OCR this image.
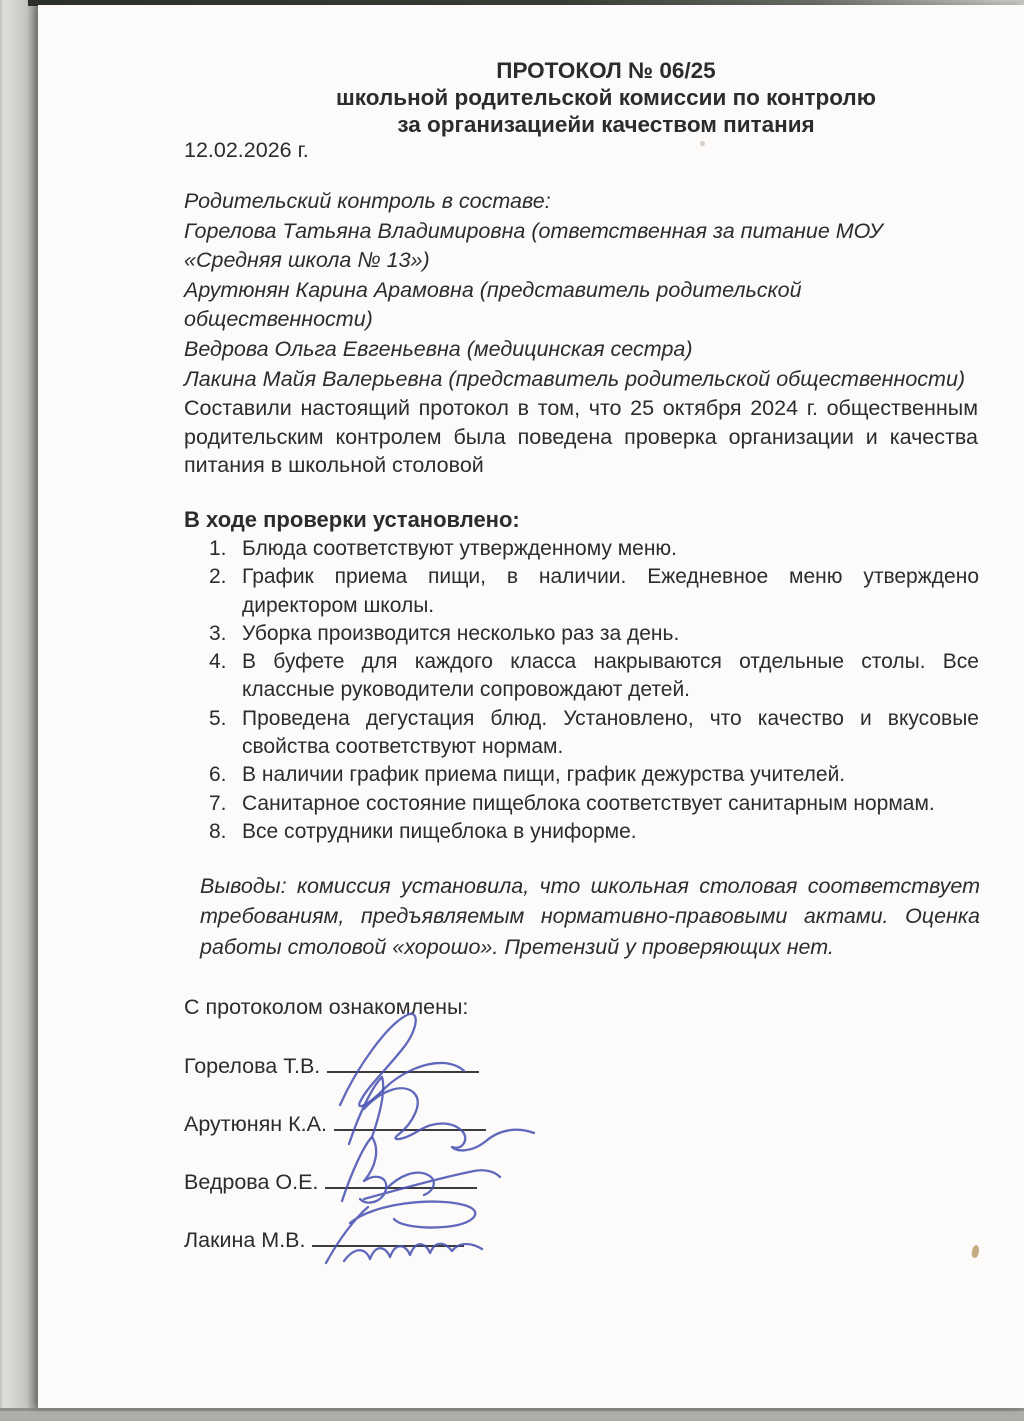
ПРОТОКОЛ № 06/25
школьной родительской комиссии по контролю
за организациейи качеством питания
12.02.2026 г.
Родительский контроль в составе:
Горелова Татьяна Владимировна (ответственная за питание МОУ
«Средняя школа № 13»)
Арутюнян Карина Арамовна (представитель родительской
общественности)
Ведрова Ольга Евгеньевна (медицинская сестра)
Лакина Майя Валерьевна (представитель родительской общественности)

Составили настоящий протокол в том, что 25 октября 2024 г. общественным родительским контролем была поведена проверка организации и качества питания в школьной столовой

В ходе проверки установлено:
1. Блюда соответствуют утвержденному меню.
2. График приема пищи, в наличии. Ежедневное меню утверждено директором школы.
3. Уборка производится несколько раз за день.
4. В буфете для каждого класса накрываются отдельные столы. Все классные руководители сопровождают детей.
5. Проведена дегустация блюд. Установлено, что качество и вкусовые свойства соответствуют нормам.
6. В наличии график приема пищи, график дежурства учителей.
7. Санитарное состояние пищеблока соответствует санитарным нормам.
8. Все сотрудники пищеблока в униформе.

Выводы: комиссия установила, что школьная столовая соответствует требованиям, предъявляемым нормативно-правовыми актами. Оценка работы столовой «хорошо». Претензий у проверяющих нет.

С протоколом ознакомлены:
Горелова Т.В.
Арутюнян К.А.
Ведрова О.Е.
Лакина М.В.
